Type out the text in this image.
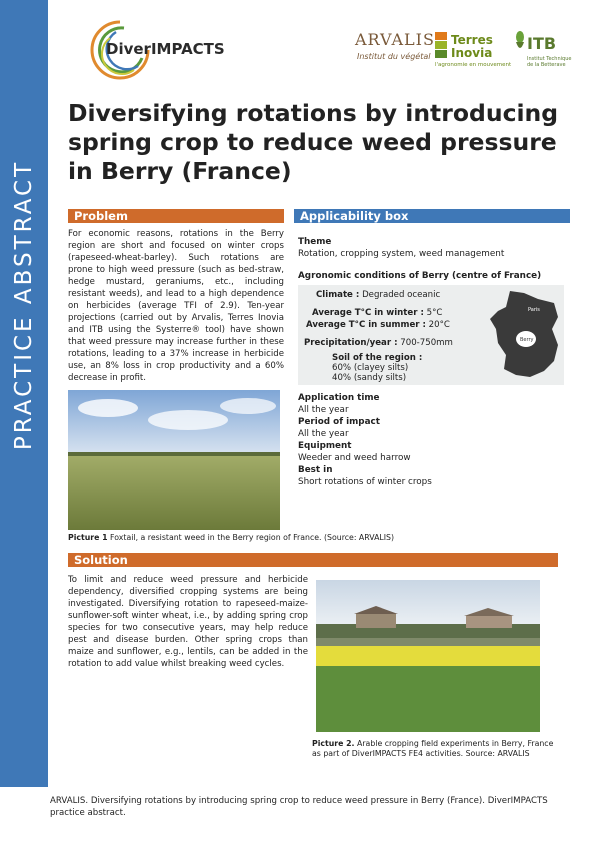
PRACTICE ABSTRACT
DiverIMPACTS	ARVALIS
Institut du végétal
Terres Inovia
l'agronomie en mouvement
ITB
Institut Technique de la Betterave
Diversifying rotations by introducing spring crop to reduce weed pressure in Berry (France)
Problem

For economic reasons, rotations in the Berry region are short and focused on winter crops (rapeseed-wheat-barley). Such rotations are prone to high weed pressure (such as bed-straw, hedge mustard, geraniums, etc., including resistant weeds), and lead to a high dependence on herbicides (average TFI of 2.9). Ten-year projections (carried out by Arvalis, Terres Inovia and ITB using the Systerre® tool) have shown that weed pressure may increase further in these rotations, leading to a 37% increase in herbicide use, an 8% loss in crop productivity and a 60% decrease in profit.

Applicability box
Theme
Rotation, cropping system, weed management
Agronomic conditions of Berry (centre of France)
Climate : Degraded oceanic
Average T°C in winter : 5°C
Average T°C in summer : 20°C
Precipitation/year : 700-750mm
Soil of the region :
60% (clayey silts)
40% (sandy silts)
Paris
Berry
Application time
All the year
Period of impact
All the year
Equipment
Weeder and weed harrow
Best in
Short rotations of winter crops
Picture 1 Foxtail, a resistant weed in the Berry region of France. (Source: ARVALIS)
Solution

To limit and reduce weed pressure and herbicide dependency, diversified cropping systems are being investigated. Diversifying rotation to rapeseed-maize-sunflower-soft winter wheat, i.e., by adding spring crop species for two consecutive years, may help reduce pest and disease burden. Other spring crops than maize and sunflower, e.g., lentils, can be added in the rotation to add value whilst breaking weed cycles.

Picture 2. Arable cropping field experiments in Berry, France as part of DiverIMPACTS FE4 activities. Source: ARVALIS

ARVALIS. Diversifying rotations by introducing spring crop to reduce weed pressure in Berry (France). DiverIMPACTS practice abstract.
